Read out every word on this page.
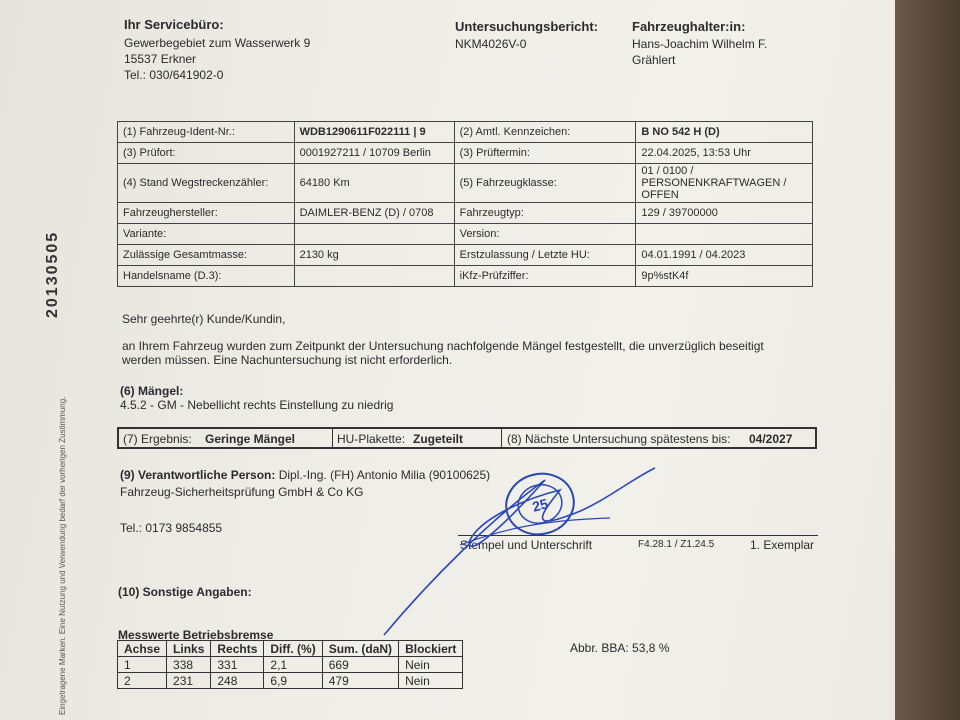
Ihr Servicebüro:
Gewerbegebiet zum Wasserwerk 9
15537 Erkner
Tel.: 030/641902-0
Untersuchungsbericht:
NKM4026V-0
Fahrzeughalter:in:
Hans-Joachim Wilhelm F.
Grählert
20130505
Eingetragene Marken. Eine Nutzung und Verwendung bedarf der vorherigen Zustimmung.
(1) Fahrzeug-Ident-Nr.:	WDB1290611F022111 | 9	(2) Amtl. Kennzeichen:	B NO 542 H (D)
(3) Prüfort:	0001927211 / 10709 Berlin	(3) Prüftermin:	22.04.2025, 13:53 Uhr
(4) Stand Wegstreckenzähler:	64180 Km	(5) Fahrzeugklasse:	01 / 0100 / PERSONENKRAFTWAGEN / OFFEN
Fahrzeughersteller:	DAIMLER-BENZ (D) / 0708	Fahrzeugtyp:	129 / 39700000
Variante:		Version:	
Zulässige Gesamtmasse:	2130 kg	Erstzulassung / Letzte HU:	04.01.1991 / 04.2023
Handelsname (D.3):		iKfz-Prüfziffer:	9p%stK4f
Sehr geehrte(r) Kunde/Kundin,
an Ihrem Fahrzeug wurden zum Zeitpunkt der Untersuchung nachfolgende Mängel festgestellt, die unverzüglich beseitigt
werden müssen. Eine Nachuntersuchung ist nicht erforderlich.
(6) Mängel:
4.5.2 - GM - Nebellicht rechts Einstellung zu niedrig
(7) Ergebnis: Geringe Mängel	HU-Plakette: Zugeteilt	(8) Nächste Untersuchung spätestens bis: 04/2027
(9) Verantwortliche Person: Dipl.-Ing. (FH) Antonio Milia (90100625)
Fahrzeug-Sicherheitsprüfung GmbH & Co KG
Tel.: 0173 9854855
Stempel und Unterschrift	F4.28.1 / Z1.24.5	1. Exemplar
(10) Sonstige Angaben:
Messwerte Betriebsbremse
Achse	Links	Rechts	Diff. (%)	Sum. (daN)	Blockiert
1	338	331	2,1	669	Nein
2	231	248	6,9	479	Nein
Abbr. BBA: 53,8 %
25
